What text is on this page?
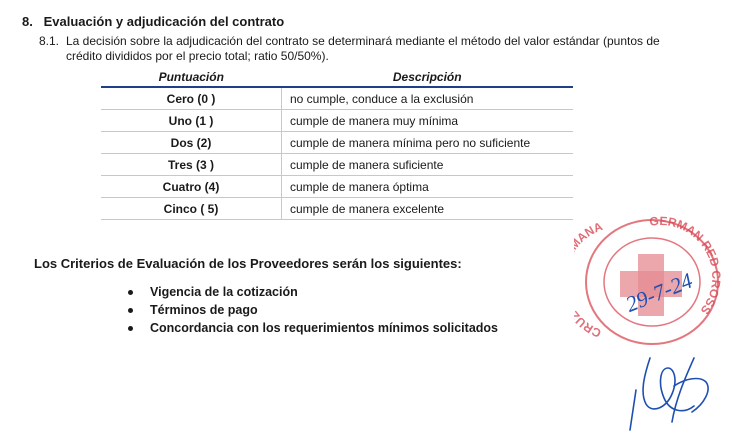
8. Evaluación y adjudicación del contrato
8.1. La decisión sobre la adjudicación del contrato se determinará mediante el método del valor estándar (puntos de
crédito divididos por el precio total; ratio 50/50%).
Puntuación	Descripción
Cero (0 )	no cumple, conduce a la exclusión
Uno (1 )	cumple de manera muy mínima
Dos (2)	cumple de manera mínima pero no suficiente
Tres (3 )	cumple de manera suficiente
Cuatro (4)	cumple de manera óptima
Cinco ( 5)	cumple de manera excelente
Los Criterios de Evaluación de los Proveedores serán los siguientes:
Vigencia de la cotización
Términos de pago
Concordancia con los requerimientos mínimos solicitados	CRU ANA	GERMAN RED CROSS
29-7-24
